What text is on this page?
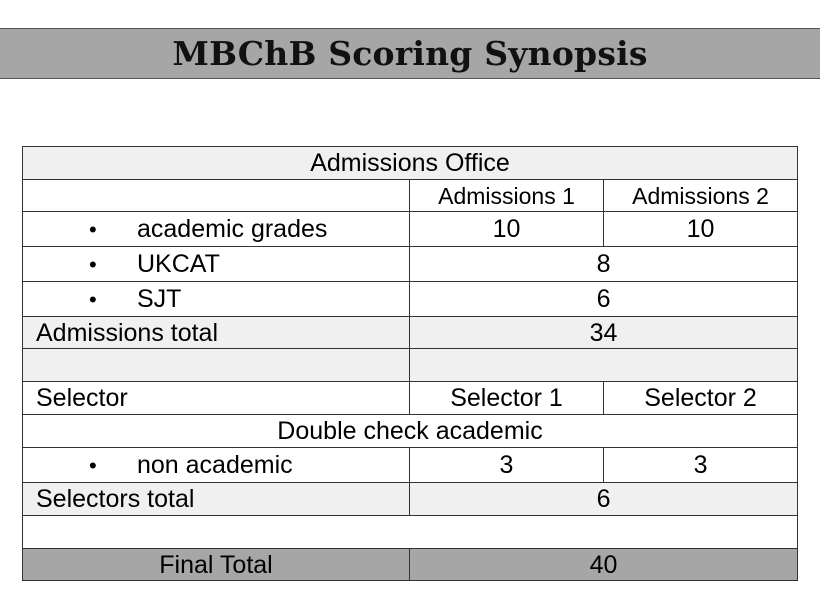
MBChB Scoring Synopsis
Admissions Office		
	Admissions 1	Admissions 2
• academic grades	10	10
• UKCAT	8	
• SJT	6	
Admissions total	34	

Selector	Selector 1	Selector 2
Double check academic		
• non academic	3	3
Selectors total	6	

Final Total	40	
